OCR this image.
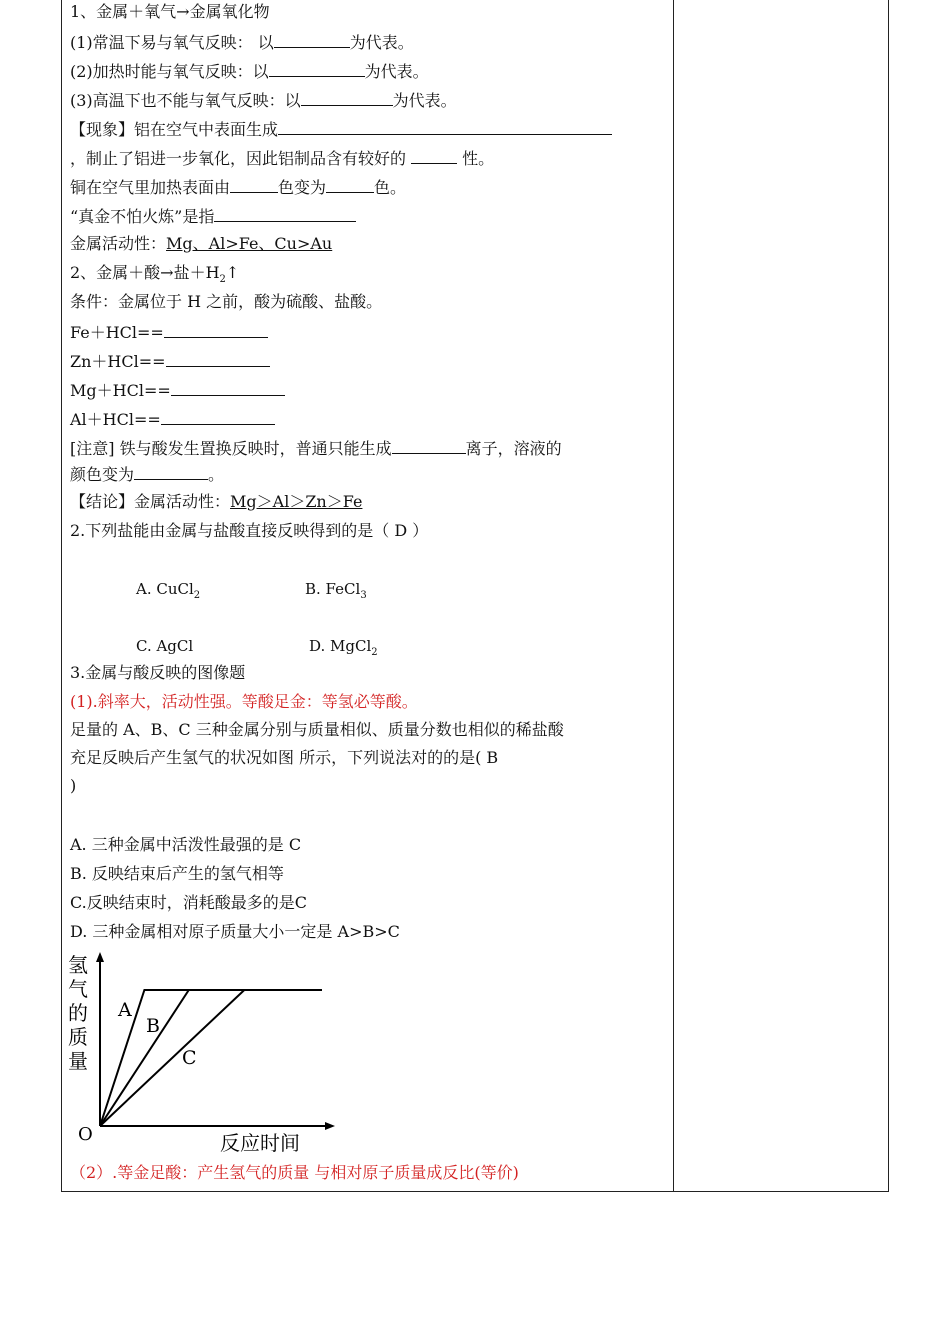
1、金属＋氧气→金属氧化物
(1)常温下易与氧气反映： 以	为代表。
(2)加热时能与氧气反映：以	为代表。
(3)高温下也不能与氧气反映：以	为代表。
【现象】铝在空气中表面生成
，制止了铝进一步氧化，因此铝制品含有较好的	性。
铜在空气里加热表面由	色变为	色。
“真金不怕火炼”是指
金属活动性：Mg、Al>Fe、Cu>Au
2、金属＋酸→盐$+H_2↑$
条件：金属位于 H 之前，酸为硫酸、盐酸。
Fe＋HCl==
Zn＋HCl==
Mg＋HCl==
Al＋HCl==
[注意] 铁与酸发生置换反映时，普通只能生成	离子，溶液的
颜色变为	。
【结论】金属活动性：Mg＞Al＞Zn＞Fe
2.下列盐能由金属与盐酸直接反映得到的是（ D ）
A. CuCl$_2$	B. FeCl$_3$
C. AgCl	D. MgCl$_2$
3.金属与酸反映的图像题
(1).斜率大，活动性强。等酸足金：等氢必等酸。
足量的 A、B、C 三种金属分别与质量相似、质量分数也相似的稀盐酸
充足反映后产生氢气的状况如图 所示，下列说法对的的是( B
)
A. 三种金属中活泼性最强的是 C
B. 反映结束后产生的氢气相等
C.反映结束时，消耗酸最多的是C
D. 三种金属相对原子质量大小一定是 A>B>C
（2）.等金足酸：产生氢气的质量 与相对原子质量成反比(等价)
氢
气
的
质
量
O	反应时间
A
B
C
